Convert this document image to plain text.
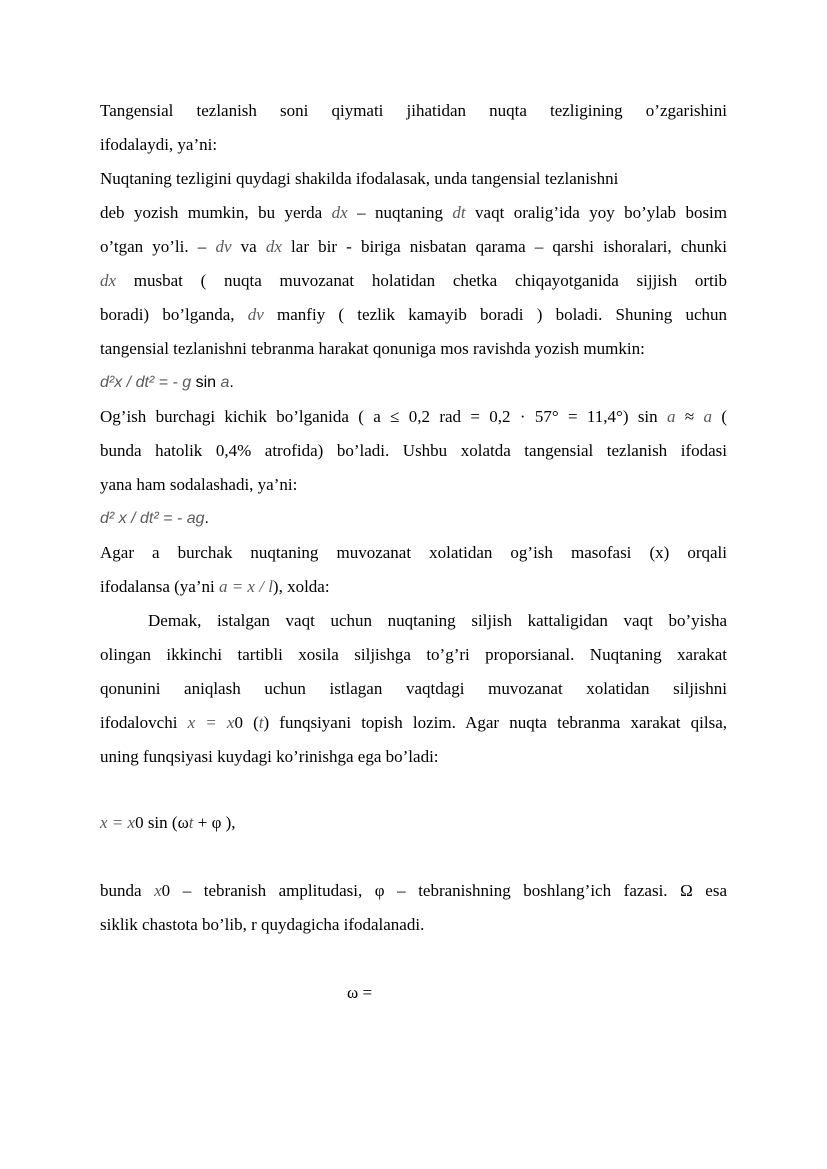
Tangensial tezlanish soni qiymati jihatidan nuqta tezligining o’zgarishini
ifodalaydi, ya’ni:
Nuqtaning tezligini quydagi shakilda ifodalasak, unda tangensial tezlanishni
deb yozish mumkin, bu yerda dx – nuqtaning dt vaqt oralig’ida yoy bo’ylab bosim
o’tgan yo’li. – dv va dx lar bir - biriga nisbatan qarama – qarshi ishoralari, chunki
dx musbat ( nuqta muvozanat holatidan chetka chiqayotganida sijjish ortib
boradi) bo’lganda, dv manfiy ( tezlik kamayib boradi ) boladi. Shuning uchun
tangensial tezlanishni tebranma harakat qonuniga mos ravishda yozish mumkin:
d²x / dt² = - g sin a.
Og’ish burchagi kichik bo’lganida ( a ≤ 0,2 rad = 0,2 · 57° = 11,4°) sin a ≈ a (
bunda hatolik 0,4% atrofida) bo’ladi. Ushbu xolatda tangensial tezlanish ifodasi
yana ham sodalashadi, ya’ni:
d² x / dt² = - ag.
Agar a burchak nuqtaning muvozanat xolatidan og’ish masofasi (x) orqali
ifodalansa (ya’ni a = x / l), xolda:
Demak, istalgan vaqt uchun nuqtaning siljish kattaligidan vaqt bo’yisha
olingan ikkinchi tartibli xosila siljishga to’g’ri proporsianal. Nuqtaning xarakat
qonunini aniqlash uchun istlagan vaqtdagi muvozanat xolatidan siljishni
ifodalovchi x = x0 (t) funqsiyani topish lozim. Agar nuqta tebranma xarakat qilsa,
uning funqsiyasi kuydagi ko’rinishga ega bo’ladi:
x = x0 sin (ωt + φ ),
bunda x0 – tebranish amplitudasi, φ – tebranishning boshlang’ich fazasi. Ω esa
siklik chastota bo’lib, r quydagicha ifodalanadi.
ω =
